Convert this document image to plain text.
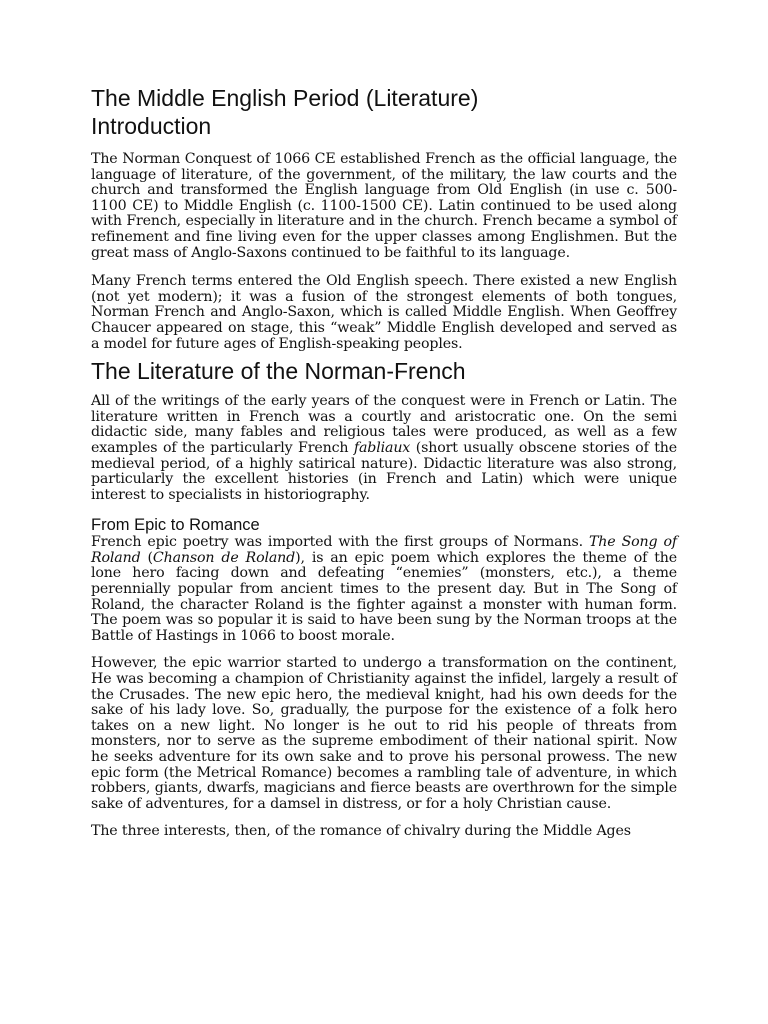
The Middle English Period (Literature)
Introduction

The Norman Conquest of 1066 CE established French as the official language, the language of literature, of the government, of the military, the law courts and the church and transformed the English language from Old English (in use c. 500-1100 CE) to Middle English (c. 1100-1500 CE). Latin continued to be used along with French, especially in literature and in the church. French became a symbol of refinement and fine living even for the upper classes among Englishmen. But the great mass of Anglo-Saxons continued to be faithful to its language.

Many French terms entered the Old English speech. There existed a new English (not yet modern); it was a fusion of the strongest elements of both tongues, Norman French and Anglo-Saxon, which is called Middle English. When Geoffrey Chaucer appeared on stage, this “weak” Middle English developed and served as a model for future ages of English-speaking peoples.

The Literature of the Norman-French

All of the writings of the early years of the conquest were in French or Latin. The literature written in French was a courtly and aristocratic one. On the semi didactic side, many fables and religious tales were produced, as well as a few examples of the particularly French fabliaux (short usually obscene stories of the medieval period, of a highly satirical nature). Didactic literature was also strong, particularly the excellent histories (in French and Latin) which were unique interest to specialists in historiography.

From Epic to Romance

French epic poetry was imported with the first groups of Normans. The Song of Roland (Chanson de Roland), is an epic poem which explores the theme of the lone hero facing down and defeating “enemies” (monsters, etc.), a theme perennially popular from ancient times to the present day. But in The Song of Roland, the character Roland is the fighter against a monster with human form. The poem was so popular it is said to have been sung by the Norman troops at the Battle of Hastings in 1066 to boost morale.

However, the epic warrior started to undergo a transformation on the continent, He was becoming a champion of Christianity against the infidel, largely a result of the Crusades. The new epic hero, the medieval knight, had his own deeds for the sake of his lady love. So, gradually, the purpose for the existence of a folk hero takes on a new light. No longer is he out to rid his people of threats from monsters, nor to serve as the supreme embodiment of their national spirit. Now he seeks adventure for its own sake and to prove his personal prowess. The new epic form (the Metrical Romance) becomes a rambling tale of adventure, in which robbers, giants, dwarfs, magicians and fierce beasts are overthrown for the simple sake of adventures, for a damsel in distress, or for a holy Christian cause.

The three interests, then, of the romance of chivalry during the Middle Ages
